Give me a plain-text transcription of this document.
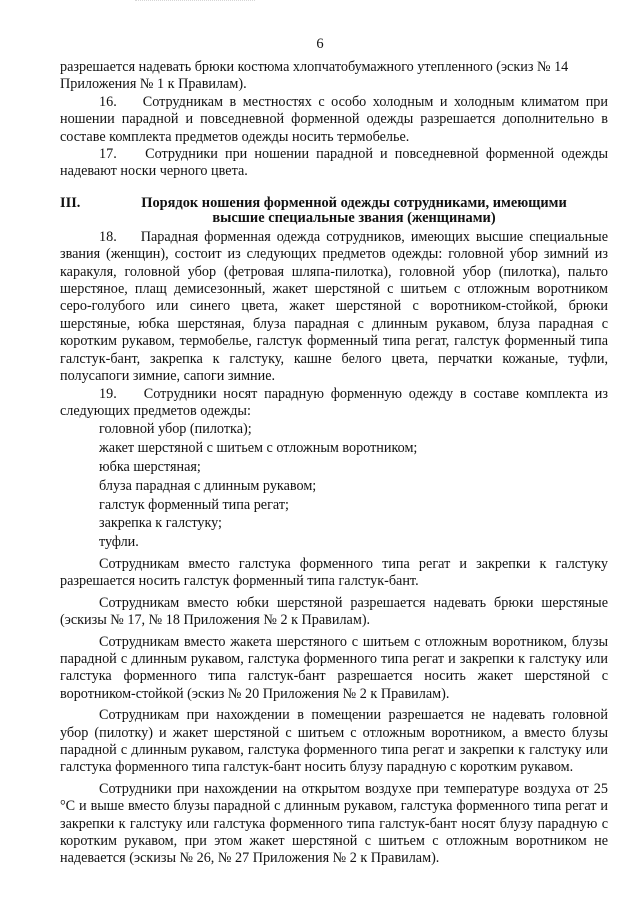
6

разрешается надевать брюки костюма хлопчатобумажного утепленного (эскиз № 14

Приложения № 1 к Правилам).

16.    Сотрудникам в местностях с особо холодным и холодным климатом при ношении парадной и повседневной форменной одежды разрешается дополнительно в составе комплекта предметов одежды носить термобелье.

17.    Сотрудники при ношении парадной и повседневной форменной одежды надевают носки черного цвета.

III.	Порядок ношения форменной одежды сотрудниками, имеющими высшие специальные звания (женщинами)

18.    Парадная форменная одежда сотрудников, имеющих высшие специальные звания (женщин), состоит из следующих предметов одежды: головной убор зимний из каракуля, головной убор (фетровая шляпа-пилотка), головной убор (пилотка), пальто шерстяное, плащ демисезонный, жакет шерстяной с шитьем с отложным воротником серо-голубого или синего цвета, жакет шерстяной с воротником-стойкой, брюки шерстяные, юбка шерстяная, блуза парадная с длинным рукавом, блуза парадная с коротким рукавом, термобелье, галстук форменный типа регат, галстук форменный типа галстук-бант, закрепка к галстуку, кашне белого цвета, перчатки кожаные, туфли, полусапоги зимние, сапоги зимние.

19.    Сотрудники носят парадную форменную одежду в составе комплекта из следующих предметов одежды:

головной убор (пилотка);
жакет шерстяной с шитьем с отложным воротником;
юбка шерстяная;
блуза парадная с длинным рукавом;
галстук форменный типа регат;
закрепка к галстуку;
туфли.

Сотрудникам вместо галстука форменного типа регат и закрепки к галстуку разрешается носить галстук форменный типа галстук-бант.

Сотрудникам вместо юбки шерстяной разрешается надевать брюки шерстяные (эскизы № 17, № 18 Приложения № 2 к Правилам).

Сотрудникам вместо жакета шерстяного с шитьем с отложным воротником, блузы парадной с длинным рукавом, галстука форменного типа регат и закрепки к галстуку или галстука форменного типа галстук-бант разрешается носить жакет шерстяной с воротником-стойкой (эскиз № 20 Приложения № 2 к Правилам).

Сотрудникам при нахождении в помещении разрешается не надевать головной убор (пилотку) и жакет шерстяной с шитьем с отложным воротником, а вместо блузы парадной с длинным рукавом, галстука форменного типа регат и закрепки к галстуку или галстука форменного типа галстук-бант носить блузу парадную с коротким рукавом.

Сотрудники при нахождении на открытом воздухе при температуре воздуха от 25 °С и выше вместо блузы парадной с длинным рукавом, галстука форменного типа регат и закрепки к галстуку или галстука форменного типа галстук-бант носят блузу парадную с коротким рукавом, при этом жакет шерстяной с шитьем с отложным воротником не надевается (эскизы № 26, № 27 Приложения № 2 к Правилам).
